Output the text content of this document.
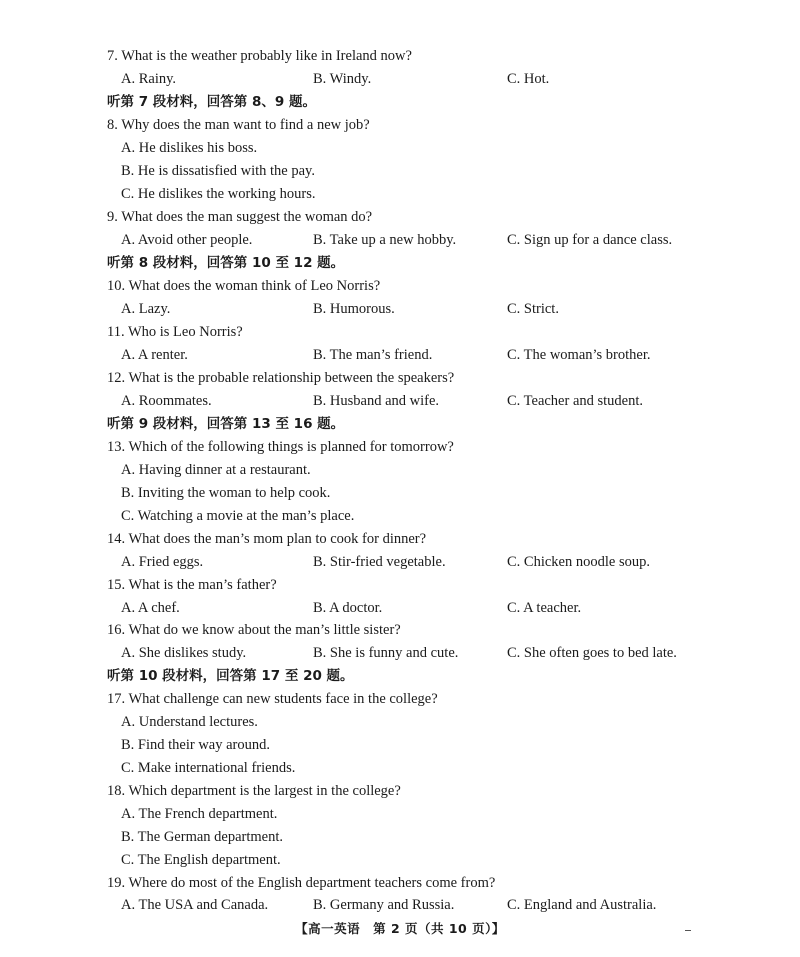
7. What is the weather probably like in Ireland now?
A. Rainy.	B. Windy.	C. Hot.
听第 7 段材料，回答第 8、9 题。
8. Why does the man want to find a new job?
A. He dislikes his boss.
B. He is dissatisfied with the pay.
C. He dislikes the working hours.
9. What does the man suggest the woman do?
A. Avoid other people.	B. Take up a new hobby.	C. Sign up for a dance class.
听第 8 段材料，回答第 10 至 12 题。
10. What does the woman think of Leo Norris?
A. Lazy.	B. Humorous.	C. Strict.
11. Who is Leo Norris?
A. A renter.	B. The man’s friend.	C. The woman’s brother.
12. What is the probable relationship between the speakers?
A. Roommates.	B. Husband and wife.	C. Teacher and student.
听第 9 段材料，回答第 13 至 16 题。
13. Which of the following things is planned for tomorrow?
A. Having dinner at a restaurant.
B. Inviting the woman to help cook.
C. Watching a movie at the man’s place.
14. What does the man’s mom plan to cook for dinner?
A. Fried eggs.	B. Stir-fried vegetable.	C. Chicken noodle soup.
15. What is the man’s father?
A. A chef.	B. A doctor.	C. A teacher.
16. What do we know about the man’s little sister?
A. She dislikes study.	B. She is funny and cute.	C. She often goes to bed late.
听第 10 段材料，回答第 17 至 20 题。
17. What challenge can new students face in the college?
A. Understand lectures.
B. Find their way around.
C. Make international friends.
18. Which department is the largest in the college?
A. The French department.
B. The German department.
C. The English department.
19. Where do most of the English department teachers come from?
A. The USA and Canada.	B. Germany and Russia.	C. England and Australia.
【高一英语　第 2 页（共 10 页）】
